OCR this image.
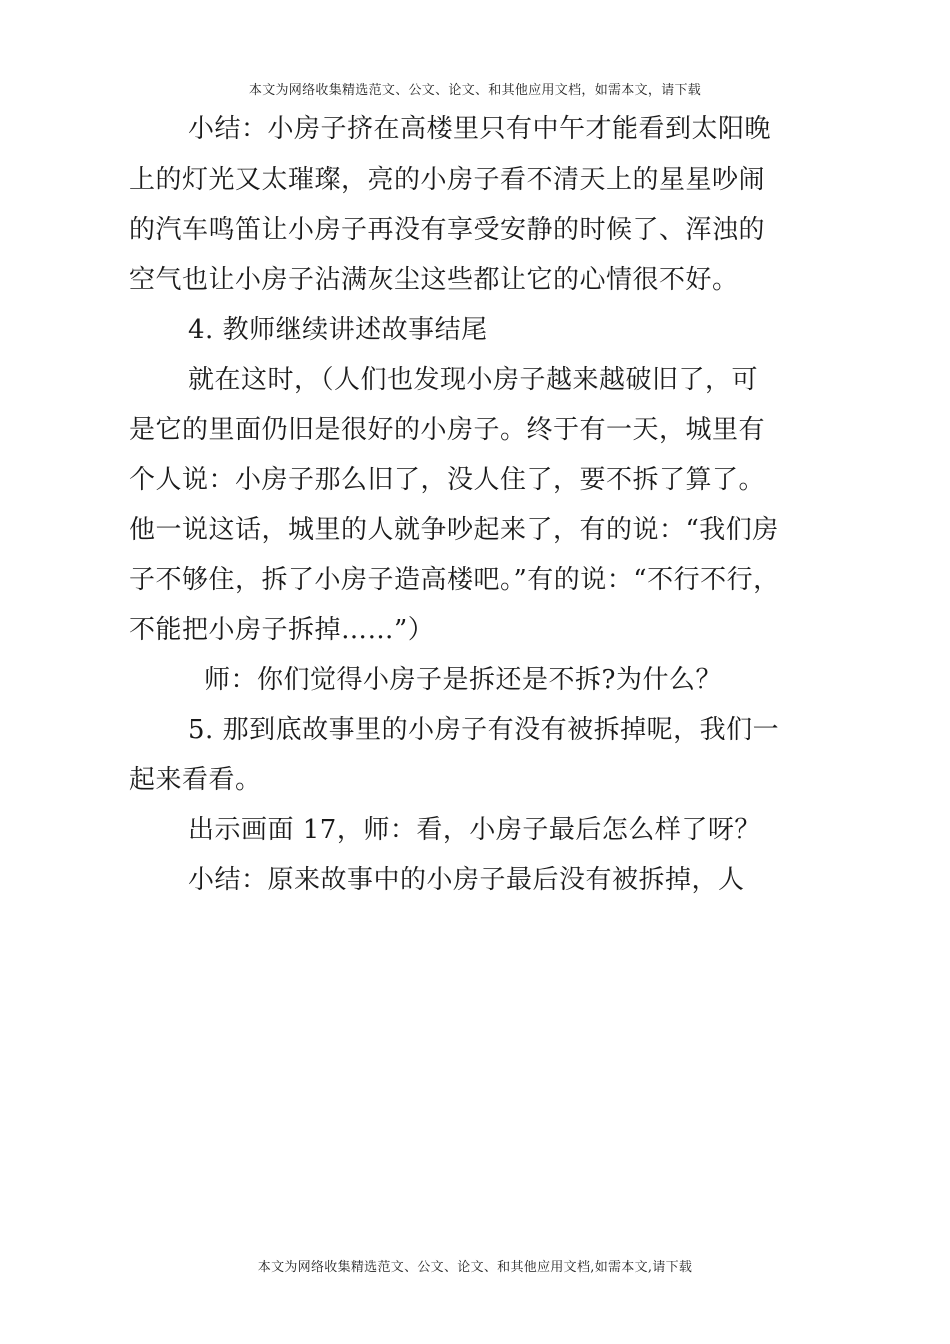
本文为网络收集精选范文、公文、论文、和其他应用文档，如需本文，请下载
小结：小房子挤在高楼里只有中午才能看到太阳晚
上的灯光又太璀璨，亮的小房子看不清天上的星星吵闹
的汽车鸣笛让小房子再没有享受安静的时候了、浑浊的
空气也让小房子沾满灰尘这些都让它的心情很不好。
4. 教师继续讲述故事结尾
就在这时，（人们也发现小房子越来越破旧了，可
是它的里面仍旧是很好的小房子。终于有一天，城里有
个人说：小房子那么旧了，没人住了，要不拆了算了。
他一说这话，城里的人就争吵起来了，有的说：“我们房
子不够住，拆了小房子造高楼吧。”有的说：“不行不行，
不能把小房子拆掉……”）
师：你们觉得小房子是拆还是不拆?为什么？
5. 那到底故事里的小房子有没有被拆掉呢，我们一
起来看看。
出示画面 17，师：看，小房子最后怎么样了呀？
小结：原来故事中的小房子最后没有被拆掉，人
本文为网络收集精选范文、公文、论文、和其他应用文档,如需本文,请下载
